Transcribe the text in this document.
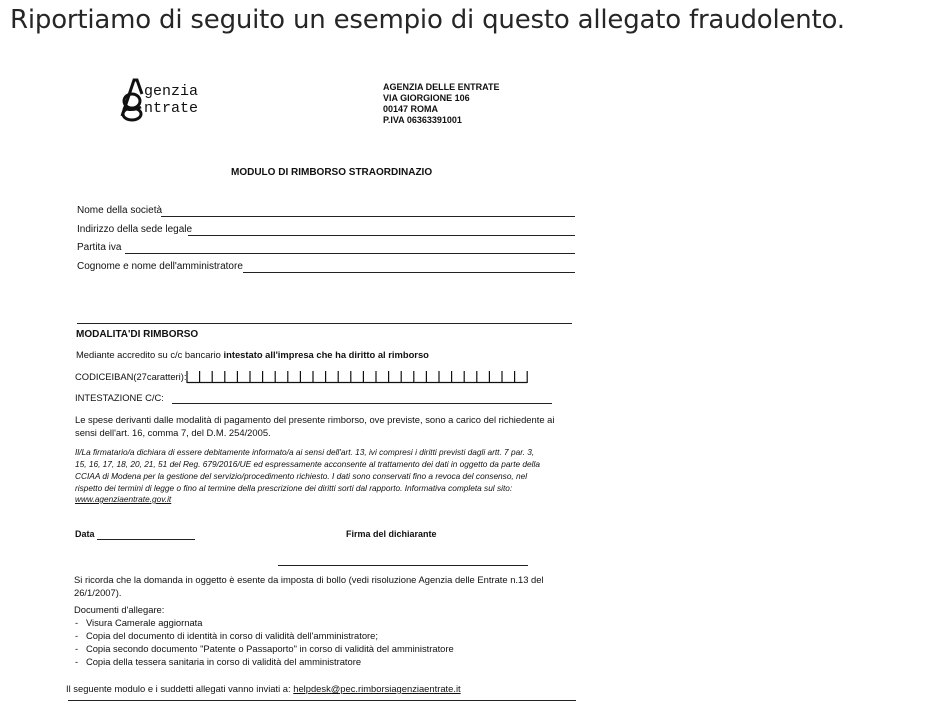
Riportiamo di seguito un esempio di questo allegato fraudolento.
genzia
ntrate
AGENZIA DELLE ENTRATE
VIA GIORGIONE 106
00147 ROMA
P.IVA 06363391001
MODULO DI RIMBORSO STRAORDINAZIO
Nome della società
Indirizzo della sede legale
Partita iva
Cognome e nome dell'amministratore
MODALITA'DI RIMBORSO
Mediante accredito su c/c bancario intestato all'impresa che ha diritto al rimborso
CODICEIBAN(27caratteri):
INTESTAZIONE C/C:
Le spese derivanti dalle modalità di pagamento del presente rimborso, ove previste, sono a carico del richiedente ai
sensi dell'art. 16, comma 7, del D.M. 254/2005.
Il/La firmatario/a dichiara di essere debitamente informato/a ai sensi dell'art. 13, ivi compresi i diritti previsti dagli artt. 7 par. 3,
15, 16, 17, 18, 20, 21, 51 del Reg. 679/2016/UE ed espressamente acconsente al trattamento dei dati in oggetto da parte della
CCIAA di Modena per la gestione del servizio/procedimento richiesto. I dati sono conservati fino a revoca del consenso, nel
rispetto dei termini di legge o fino al termine della prescrizione dei diritti sorti dal rapporto. Informativa completa sul sito:
www.agenziaentrate.gov.it
Data	Firma del dichiarante
Si ricorda che la domanda in oggetto è esente da imposta di bollo (vedi risoluzione Agenzia delle Entrate n.13 del
26/1/2007).
Documenti d'allegare:
-   Visura Camerale aggiornata
-   Copia del documento di identità in corso di validità dell'amministratore;
-   Copia secondo documento "Patente o Passaporto" in corso di validità del amministratore
-   Copia della tessera sanitaria in corso di validità del amministratore
Il seguente modulo e i suddetti allegati vanno inviati a: helpdesk@pec.rimborsiagenziaentrate.it
